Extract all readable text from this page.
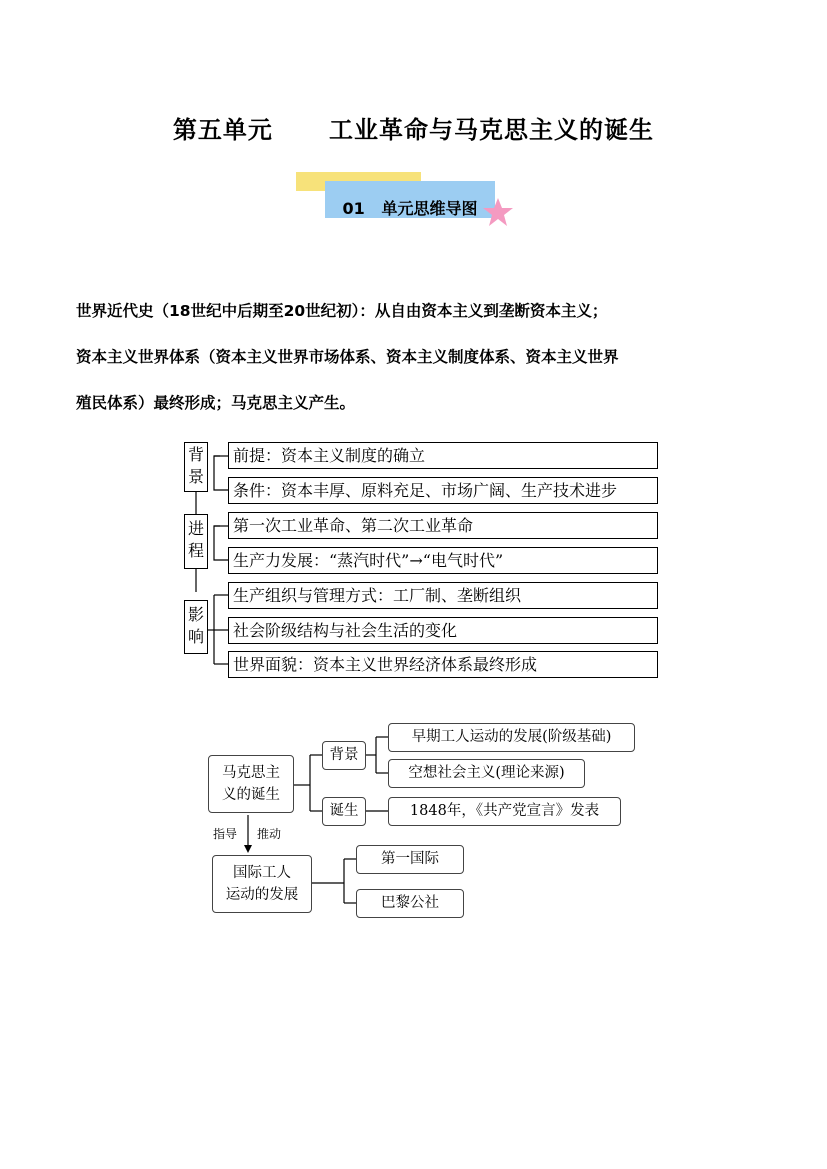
第五单元      工业革命与马克思主义的诞生
01   单元思维导图

世界近代史（18世纪中后期至20世纪初）：从自由资本主义到垄断资本主义；

资本主义世界体系（资本主义世界市场体系、资本主义制度体系、资本主义世界

殖民体系）最终形成；马克思主义产生。

背
景
进
程
影
响
前提：资本主义制度的确立
条件：资本丰厚、原料充足、市场广阔、生产技术进步
第一次工业革命、第二次工业革命
生产力发展：“蒸汽时代”→“电气时代”
生产组织与管理方式：工厂制、垄断组织
社会阶级结构与社会生活的变化
世界面貌：资本主义世界经济体系最终形成
马克思主
义的诞生
背景
诞生
早期工人运动的发展(阶级基础)
空想社会主义(理论来源)
1848年，《共产党宣言》发表
指导 推动
国际工人
运动的发展
第一国际
巴黎公社
